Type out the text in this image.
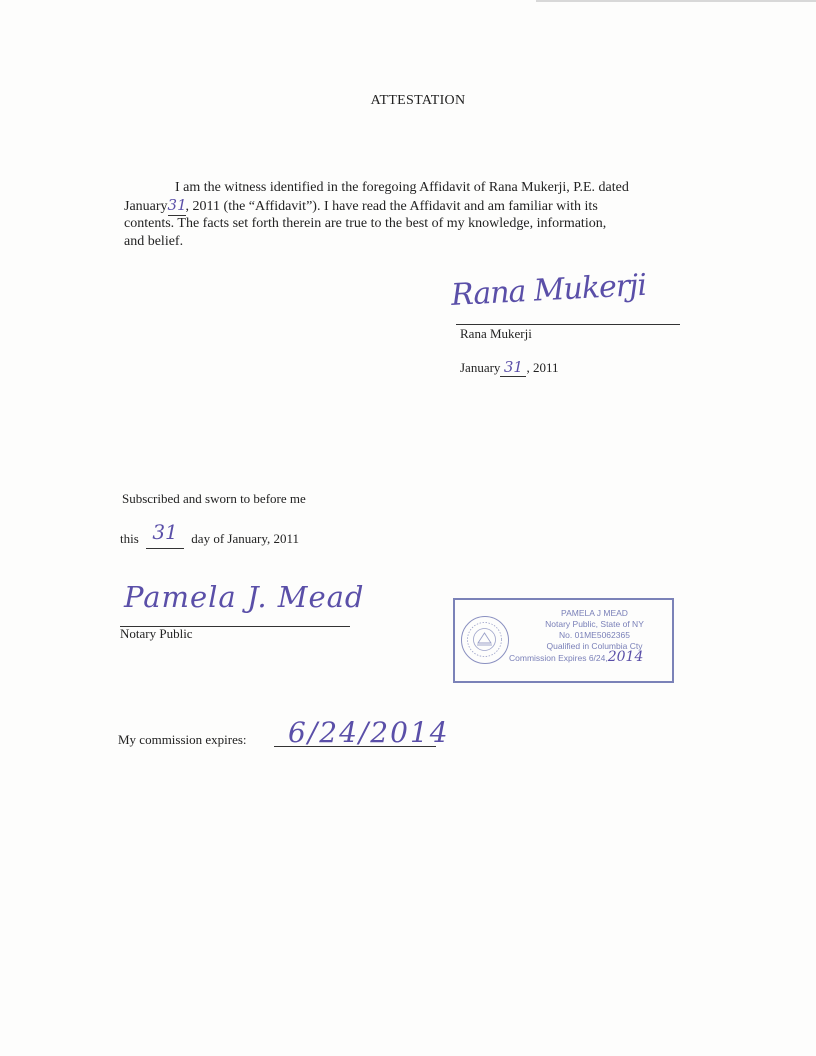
ATTESTATION
I am the witness identified in the foregoing Affidavit of Rana Mukerji, P.E. dated
January31, 2011 (the “Affidavit”). I have read the Affidavit and am familiar with its
contents. The facts set forth therein are true to the best of my knowledge, information,
and belief.
Rana Mukerji
Rana Mukerji
January 31 , 2011
Subscribed and sworn to before me
this 31 day of January, 2011
Pamela J. Mead
Notary Public
PAMELA J MEAD
Notary Public, State of NY
No. 01ME5062365
Qualified in Columbia Cty
Commission Expires 6/24,2014
My commission expires: 6/24/2014
